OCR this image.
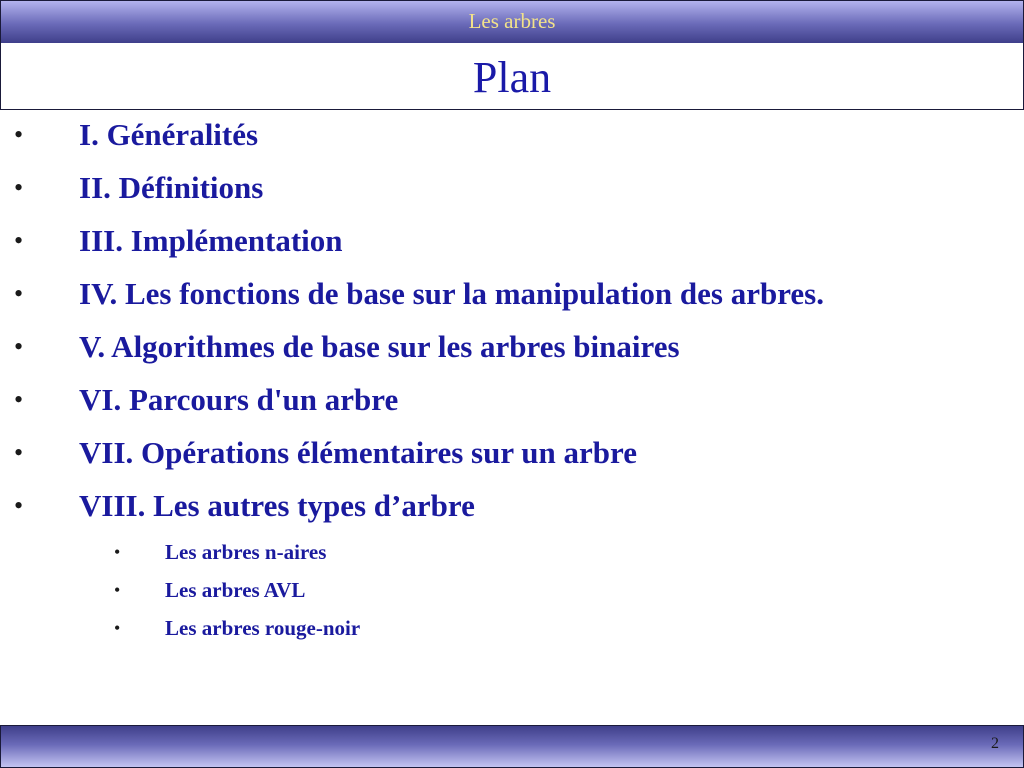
Les arbres
Plan
• I. Généralités
• II. Définitions
• III. Implémentation
• IV. Les fonctions de base sur la manipulation des arbres.
• V. Algorithmes de base sur les arbres binaires
• VI. Parcours d'un arbre
• VII. Opérations élémentaires sur un arbre
• VIII. Les autres types d’arbre
• Les arbres n-aires
• Les arbres AVL
• Les arbres rouge-noir
2
